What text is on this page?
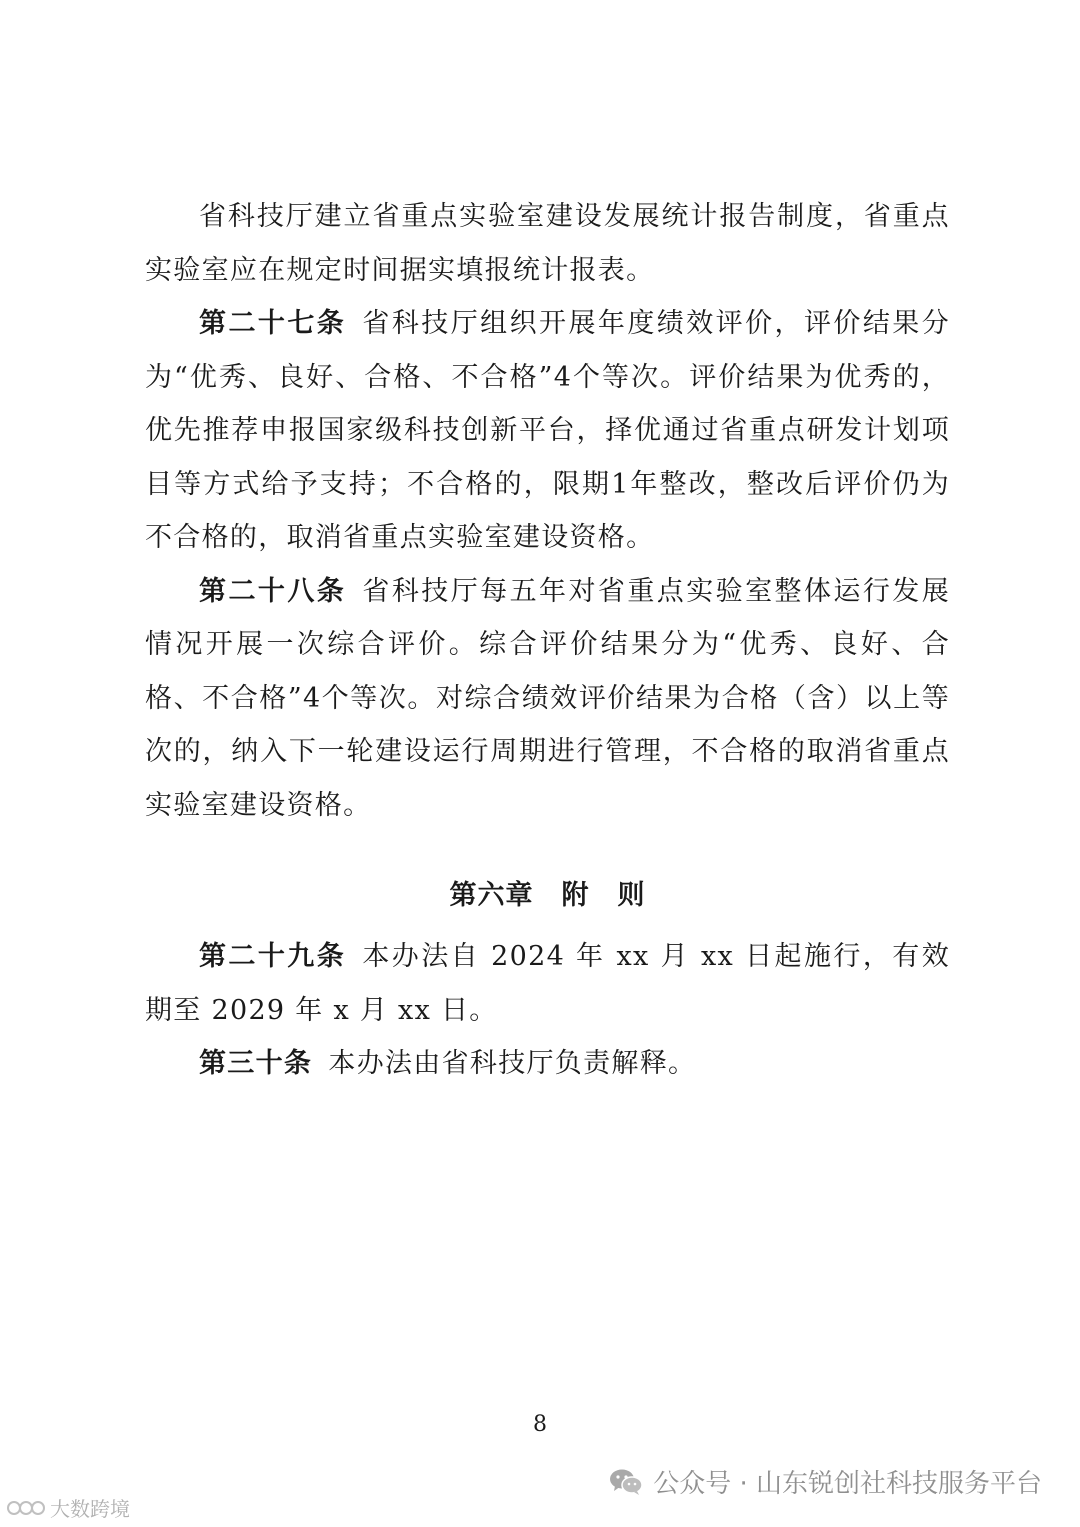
省科技厅建立省重点实验室建设发展统计报告制度，省重点实验室应在规定时间据实填报统计报表。

第二十七条 省科技厅组织开展年度绩效评价，评价结果分为“优秀、良好、合格、不合格”4个等次。评价结果为优秀的，优先推荐申报国家级科技创新平台，择优通过省重点研发计划项目等方式给予支持；不合格的，限期1年整改，整改后评价仍为不合格的，取消省重点实验室建设资格。

第二十八条 省科技厅每五年对省重点实验室整体运行发展情况开展一次综合评价。综合评价结果分为“优秀、良好、合格、不合格”4个等次。对综合绩效评价结果为合格（含）以上等次的，纳入下一轮建设运行周期进行管理，不合格的取消省重点实验室建设资格。

第六章　附　则

第二十九条 本办法自 2024 年 xx 月 xx 日起施行，有效期至 2029 年 x 月 xx 日。

第三十条 本办法由省科技厅负责解释。

8
公众号 · 山东锐创社科技服务平台
大数跨境
